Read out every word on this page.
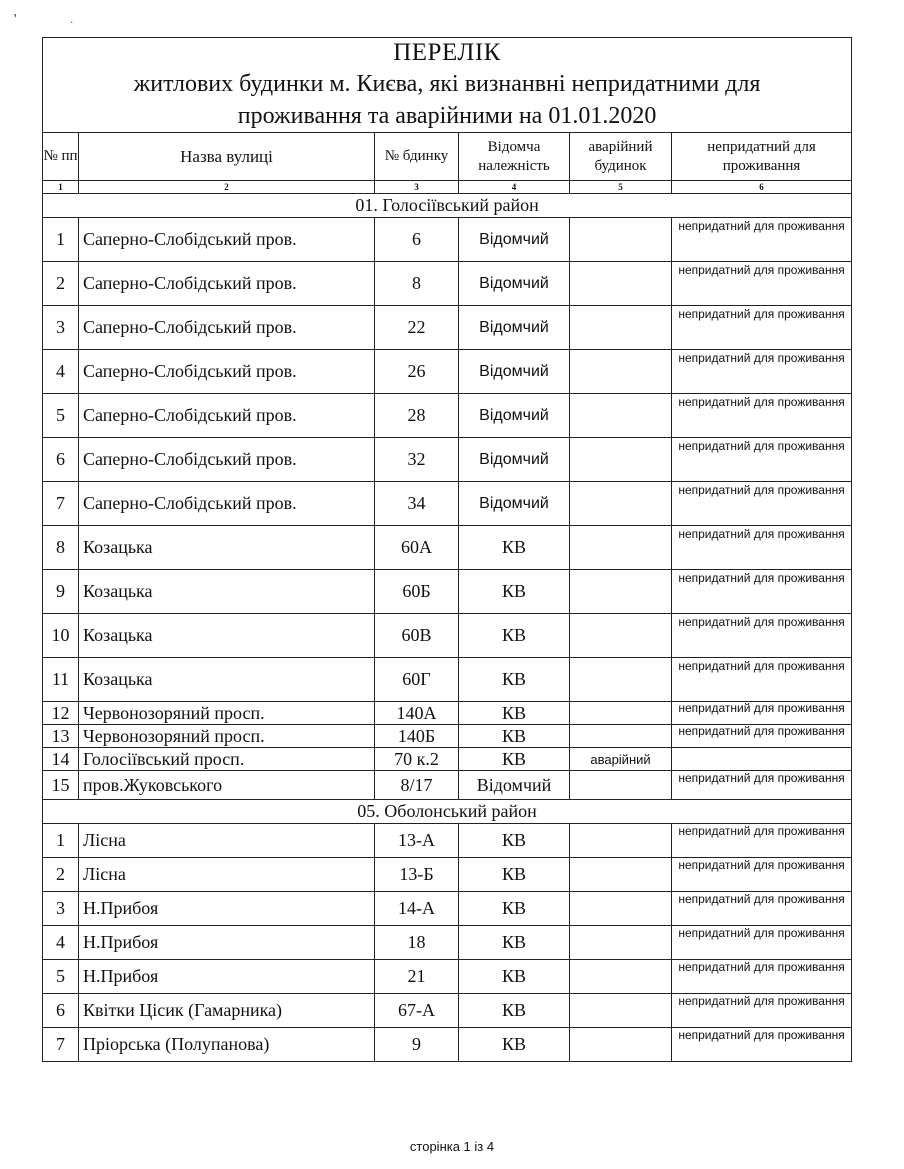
'	·
ПЕРЕЛІК
житлових будинки м. Києва, які визнанвні непридатними для
проживання та аварійними на 01.01.2020					

№ пп	Назва вулиці	№ бдинку	Відомча належність	аварійний будинок	непридатний для проживання
1	2	3	4	5	6
01. Голосіївський район					
1	Саперно-Слобідський пров.	6	Відомчий		непридатний для проживання
2	Саперно-Слобідський пров.	8	Відомчий		непридатний для проживання
3	Саперно-Слобідський пров.	22	Відомчий		непридатний для проживання
4	Саперно-Слобідський пров.	26	Відомчий		непридатний для проживання
5	Саперно-Слобідський пров.	28	Відомчий		непридатний для проживання
6	Саперно-Слобідський пров.	32	Відомчий		непридатний для проживання
7	Саперно-Слобідський пров.	34	Відомчий		непридатний для проживання
8	Козацька	60А	КВ		непридатний для проживання
9	Козацька	60Б	КВ		непридатний для проживання
10	Козацька	60В	КВ		непридатний для проживання
11	Козацька	60Г	КВ		непридатний для проживання
12	Червонозоряний просп.	140А	КВ		непридатний для проживання
13	Червонозоряний просп.	140Б	КВ		непридатний для проживання
14	Голосіївський просп.	70 к.2	КВ	аварійний	
15	пров.Жуковського	8/17	Відомчий		непридатний для проживання
05. Оболонський район					
1	Лісна	13-А	КВ		непридатний для проживання
2	Лісна	13-Б	КВ		непридатний для проживання
3	Н.Прибоя	14-А	КВ		непридатний для проживання
4	Н.Прибоя	18	КВ		непридатний для проживання
5	Н.Прибоя	21	КВ		непридатний для проживання
6	Квітки Цісик (Гамарника)	67-А	КВ		непридатний для проживання
7	Пріорська (Полупанова)	9	КВ		непридатний для проживання
сторінка 1 із 4
